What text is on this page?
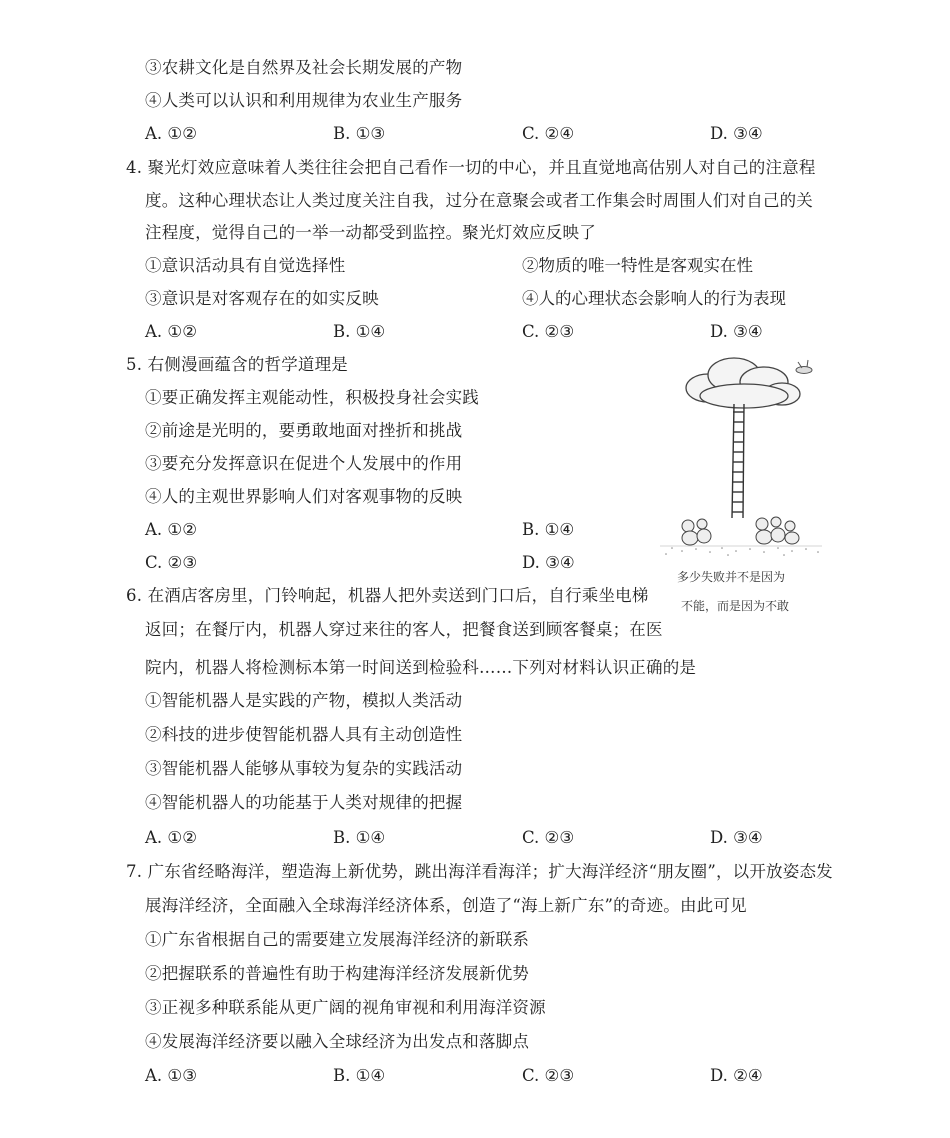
③农耕文化是自然界及社会长期发展的产物
④人类可以认识和利用规律为农业生产服务
A. ①②	B. ①③	C. ②④	D. ③④
4. 聚光灯效应意味着人类往往会把自己看作一切的中心，并且直觉地高估别人对自己的注意程
度。这种心理状态让人类过度关注自我，过分在意聚会或者工作集会时周围人们对自己的关
注程度，觉得自己的一举一动都受到监控。聚光灯效应反映了
①意识活动具有自觉选择性	②物质的唯一特性是客观实在性
③意识是对客观存在的如实反映	④人的心理状态会影响人的行为表现
A. ①②	B. ①④	C. ②③	D. ③④
5. 右侧漫画蕴含的哲学道理是
①要正确发挥主观能动性，积极投身社会实践
②前途是光明的，要勇敢地面对挫折和挑战
③要充分发挥意识在促进个人发展中的作用
④人的主观世界影响人们对客观事物的反映
A. ①②	B. ①④
C. ②③	D. ③④
多少失败并不是因为
不能，而是因为不敢
6. 在酒店客房里，门铃响起，机器人把外卖送到门口后，自行乘坐电梯
返回；在餐厅内，机器人穿过来往的客人，把餐食送到顾客餐桌；在医
院内，机器人将检测标本第一时间送到检验科……下列对材料认识正确的是
①智能机器人是实践的产物，模拟人类活动
②科技的进步使智能机器人具有主动创造性
③智能机器人能够从事较为复杂的实践活动
④智能机器人的功能基于人类对规律的把握
A. ①②	B. ①④	C. ②③	D. ③④
7. 广东省经略海洋，塑造海上新优势，跳出海洋看海洋；扩大海洋经济“朋友圈”，以开放姿态发
展海洋经济，全面融入全球海洋经济体系，创造了“海上新广东”的奇迹。由此可见
①广东省根据自己的需要建立发展海洋经济的新联系
②把握联系的普遍性有助于构建海洋经济发展新优势
③正视多种联系能从更广阔的视角审视和利用海洋资源
④发展海洋经济要以融入全球经济为出发点和落脚点
A. ①③	B. ①④	C. ②③	D. ②④
